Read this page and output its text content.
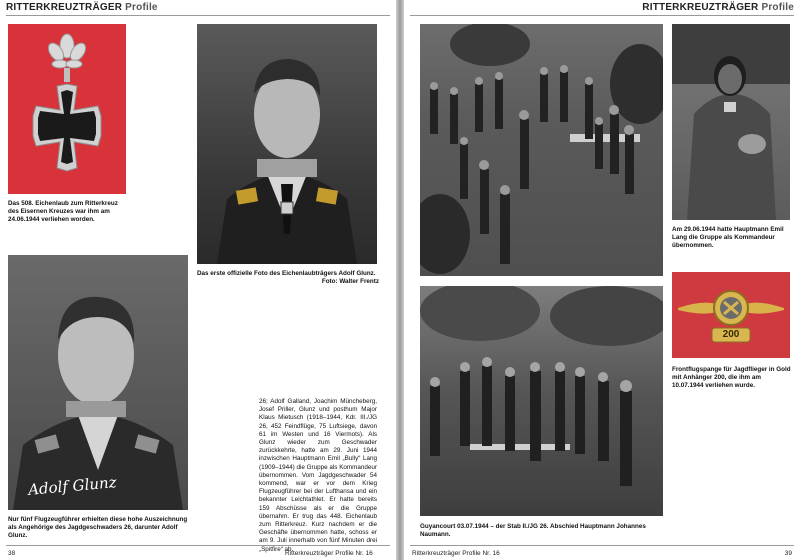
RITTERKREUZTRÄGER Profile
Das 508. Eichenlaub zum Ritterkreuz des Eisernen Kreuzes war ihm am 24.06.1944 verliehen worden.
Das erste offizielle Foto des Eichenlaubträgers Adolf Glunz.
Foto: Walter Frentz
Adolf Glunz
Nur fünf Flugzeugführer erhielten diese hohe Auszeichnung als Angehörige des Jagdgeschwaders 26, darunter Adolf Glunz.
26; Adolf Galland, Joachim Müncheberg, Josef Priller, Glunz und posthum Major Klaus Mietusch (1918–1944, Kdr. III./JG 26, 452 Feindflüge, 75 Luftsiege, davon 61 im Westen und 16 Viermots). Als Glunz wieder zum Geschwader zurückkehrte, hatte am 29. Juni 1944 inzwischen Hauptmann Emil „Bully“ Lang (1909–1944) die Gruppe als Kommandeur übernommen. Vom Jagdgeschwader 54 kommend, war er vor dem Krieg Flugzeugführer bei der Lufthansa und ein bekannter Leichtathlet. Er hatte bereits 159 Abschüsse als er die Gruppe übernahm. Er trug das 448. Eichenlaub zum Ritterkreuz. Kurz nachdem er die Geschäfte übernommen hatte, schoss er am 9. Juli innerhalb von fünf Minuten drei „Spitfire“ ab.
38	Ritterkreuzträger Profile Nr. 16
RITTERKREUZTRÄGER Profile
Am 29.06.1944 hatte Hauptmann Emil Lang die Gruppe als Kommandeur übernommen.
200
Frontflugspange für Jagdflieger in Gold mit Anhänger 200, die ihm am 10.07.1944 verliehen wurde.
Guyancourt 03.07.1944 – der Stab II./JG 26. Abschied Hauptmann Johannes Naumann.
Ritterkreuzträger Profile Nr. 16	39
